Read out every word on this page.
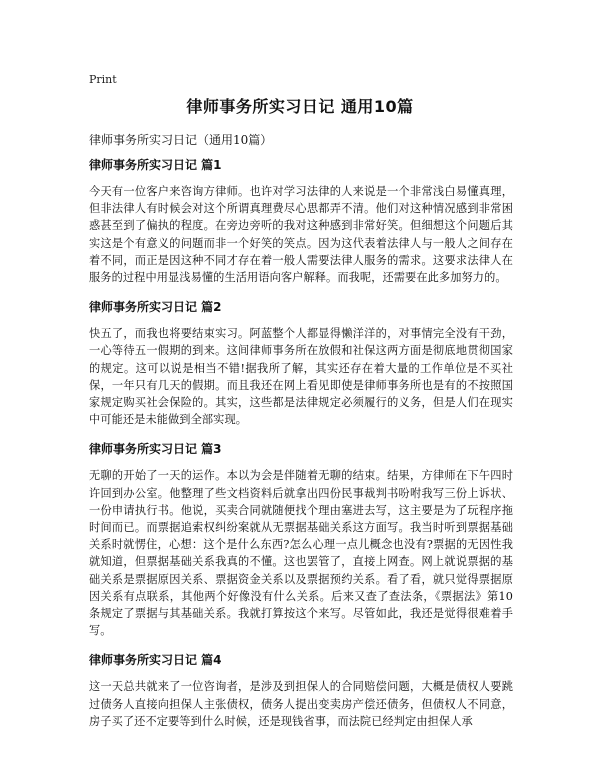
Print
律师事务所实习日记 通用10篇
律师事务所实习日记（通用10篇）
律师事务所实习日记 篇1

今天有一位客户来咨询方律师。也许对学习法律的人来说是一个非常浅白易懂真理，但非法律人有时候会对这个所谓真理费尽心思都弄不清。他们对这种情况感到非常困惑甚至到了偏执的程度。在旁边旁听的我对这种感到非常好笑。但细想这个问题后其实这是个有意义的问题而非一个好笑的笑点。因为这代表着法律人与一般人之间存在着不同，而正是因这种不同才存在着一般人需要法律人服务的需求。这要求法律人在服务的过程中用显浅易懂的生活用语向客户解释。而我呢，还需要在此多加努力的。

律师事务所实习日记 篇2

快五了，而我也将要结束实习。阿蓝整个人都显得懒洋洋的，对事情完全没有干劲，一心等待五一假期的到来。这间律师事务所在放假和社保这两方面是彻底地贯彻国家的规定。这可以说是相当不错!据我所了解，其实还存在着大量的工作单位是不买社保，一年只有几天的假期。而且我还在网上看见即使是律师事务所也是有的不按照国家规定购买社会保险的。其实，这些都是法律规定必须履行的义务，但是人们在现实中可能还是未能做到全部实现。

律师事务所实习日记 篇3

无聊的开始了一天的运作。本以为会是伴随着无聊的结束。结果，方律师在下午四时许回到办公室。他整理了些文档资料后就拿出四份民事裁判书吩咐我写三份上诉状、一份申请执行书。他说，买卖合同就随便找个理由塞进去写，这主要是为了玩程序拖时间而已。而票据追索权纠纷案就从无票据基础关系这方面写。我当时听到票据基础关系时就愣住，心想：这个是什么东西?怎么心理一点儿概念也没有?票据的无因性我就知道，但票据基础关系我真的不懂。这也罢管了，直接上网查。网上就说票据的基础关系是票据原因关系、票据资金关系以及票据预约关系。看了看，就只觉得票据原因关系有点联系，其他两个好像没有什么关系。后来又查了查法条，《票据法》第10条规定了票据与其基础关系。我就打算按这个来写。尽管如此，我还是觉得很难着手写。

律师事务所实习日记 篇4

这一天总共就来了一位咨询者，是涉及到担保人的合同赔偿问题，大概是债权人要跳过债务人直接向担保人主张债权，债务人提出变卖房产偿还债务，但债权人不同意，房子买了还不定要等到什么时候，还是现钱省事，而法院已经判定由担保人承
